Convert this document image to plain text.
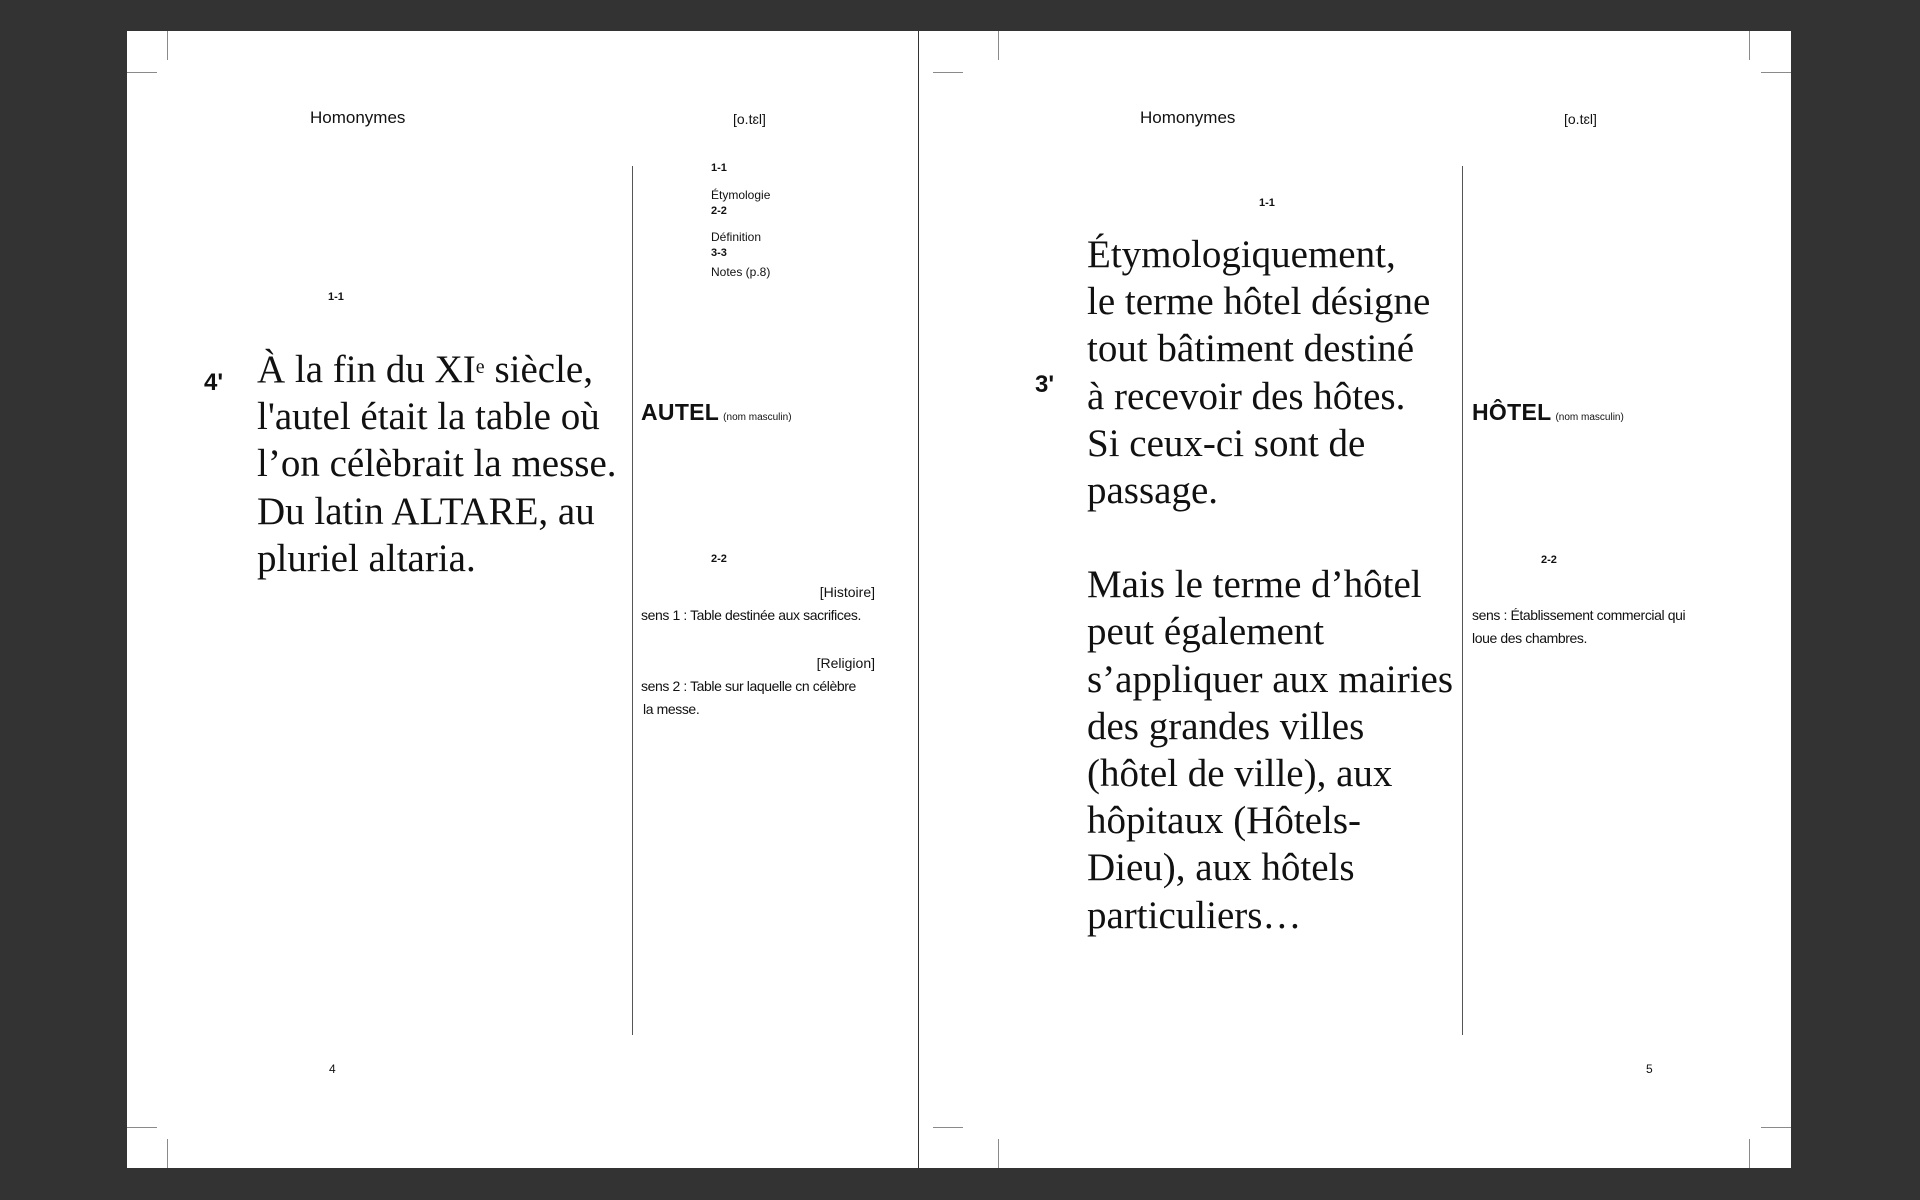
Homonymes	[o.tɛl]
1-1
Étymologie
2-2
Définition
3-3
Notes (p.8)
1-1
4' À la fin du XIe siècle,

l'autel était la table où

l’on célèbrait la messe.

Du latin ALTARE, au

pluriel altaria.

AUTEL (nom masculin)
2-2
[Histoire]
sens 1 : Table destinée aux sacrifices.
[Religion]
sens 2 : Table sur laquelle cn célèbre
la messe.
4
Homonymes	[o.tɛl]
1-1
3'
Étymologiquement,
le terme hôtel désigne
tout bâtiment destiné
à recevoir des hôtes.
Si ceux-ci sont de
passage.
Mais le terme d’hôtel
peut également
s’appliquer aux mairies
des grandes villes
(hôtel de ville), aux
hôpitaux (Hôtels-
Dieu), aux hôtels
particuliers…
HÔTEL (nom masculin)
2-2
sens : Établissement commercial qui
loue des chambres.
5
